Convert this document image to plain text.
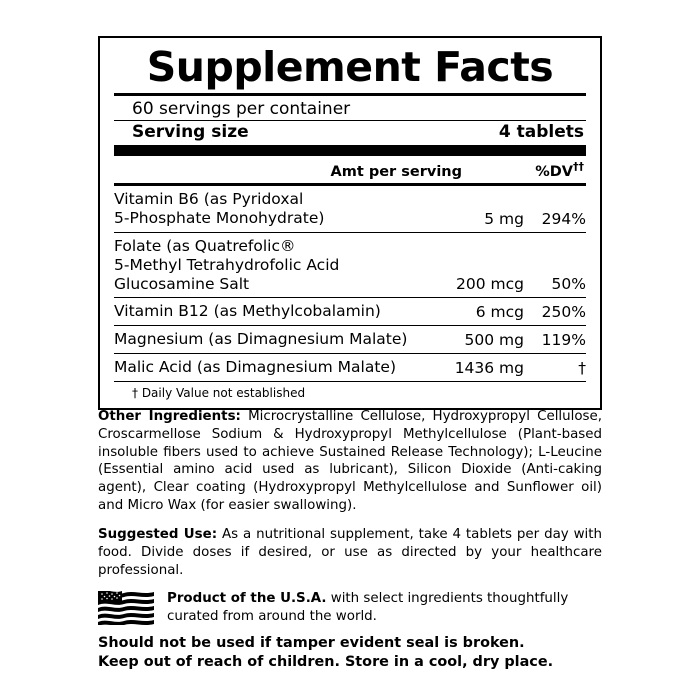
Supplement Facts
60 servings per container
Serving size	4 tablets
Amt per serving	%DV††
Vitamin B6 (as Pyridoxal
5-Phosphate Monohydrate)	5 mg	294%
Folate (as Quatrefolic®
5-Methyl Tetrahydrofolic Acid
Glucosamine Salt	200 mcg	50%
Vitamin B12 (as Methylcobalamin)	6 mcg	250%
Magnesium (as Dimagnesium Malate)	500 mg	119%
Malic Acid (as Dimagnesium Malate)	1436 mg	†
† Daily Value not established
Other Ingredients: Microcrystalline Cellulose, Hydroxypropyl Cellulose, Croscarmellose Sodium & Hydroxypropyl Methylcellulose (Plant-based insoluble fibers used to achieve Sustained Release Technology); L-Leucine (Essential amino acid used as lubricant), Silicon Dioxide (Anti-caking agent), Clear coating (Hydroxypropyl Methylcellulose and Sunflower oil) and Micro Wax (for easier swallowing).
Suggested Use: As a nutritional supplement, take 4 tablets per day with food. Divide doses if desired, or use as directed by your healthcare professional.
Product of the U.S.A. with select ingredients thoughtfully curated from around the world.
Should not be used if tamper evident seal is broken.
Keep out of reach of children. Store in a cool, dry place.
